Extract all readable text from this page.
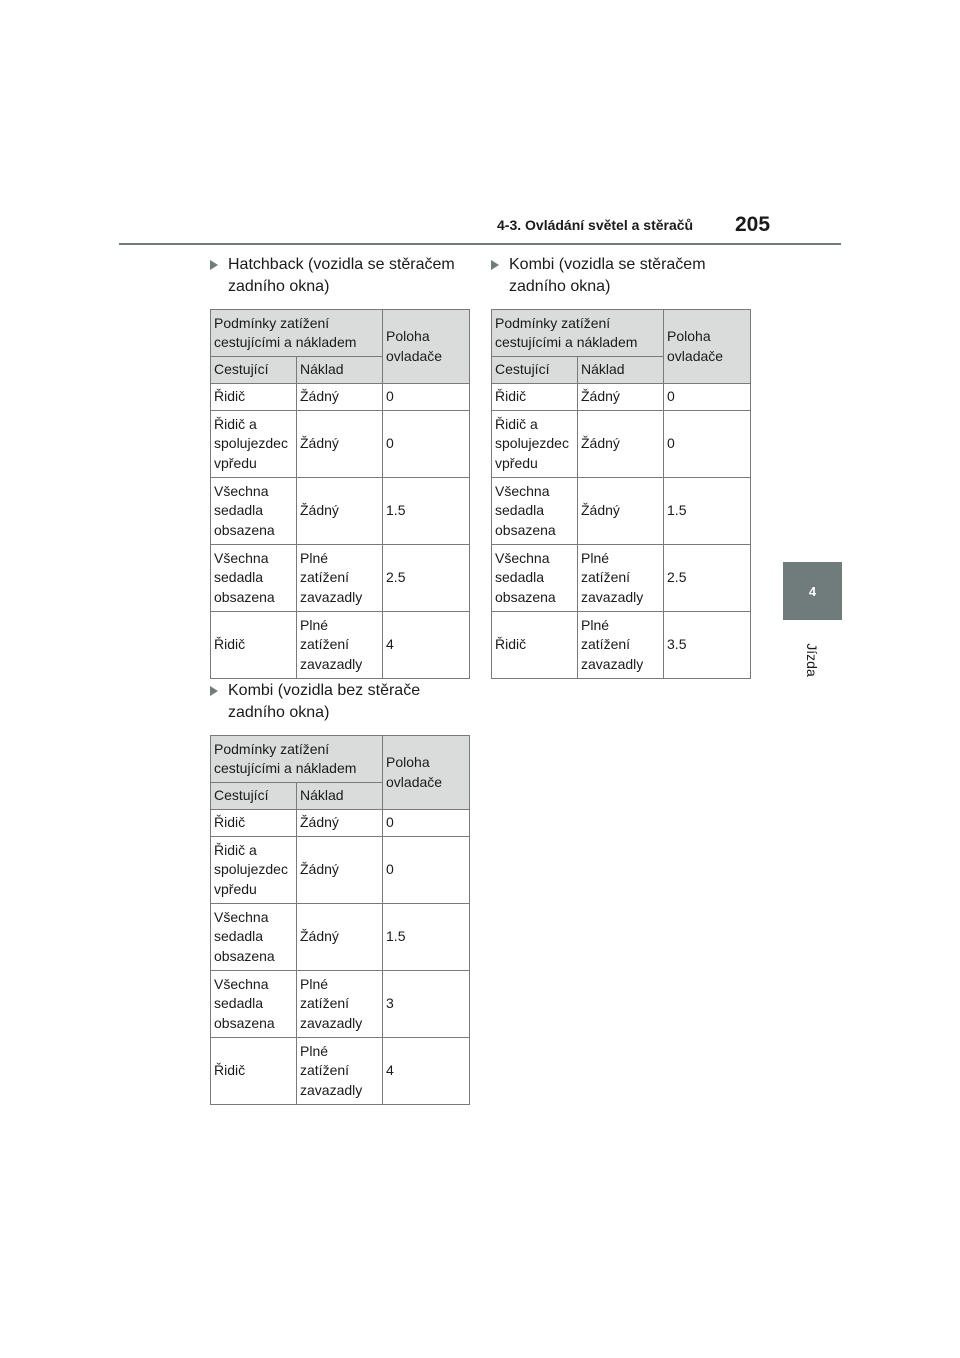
4-3. Ovládání světel a stěračů 205
4
Jízda
Hatchback (vozidla se stěračem zadního okna)
Podmínky zatížení cestujícími a nákladem		Poloha ovladače
Cestující	Náklad	
Řidič	Žádný	0
Řidič a spolujezdec vpředu	Žádný	0
Všechna sedadla obsazena	Žádný	1.5
Všechna sedadla obsazena	Plné zatížení zavazadly	2.5
Řidič	Plné zatížení zavazadly	4
Kombi (vozidla bez stěrače zadního okna)
Podmínky zatížení cestujícími a nákladem		Poloha ovladače
Cestující	Náklad	
Řidič	Žádný	0
Řidič a spolujezdec vpředu	Žádný	0
Všechna sedadla obsazena	Žádný	1.5
Všechna sedadla obsazena	Plné zatížení zavazadly	3
Řidič	Plné zatížení zavazadly	4
Kombi (vozidla se stěračem zadního okna)
Podmínky zatížení cestujícími a nákladem		Poloha ovladače
Cestující	Náklad	
Řidič	Žádný	0
Řidič a spolujezdec vpředu	Žádný	0
Všechna sedadla obsazena	Žádný	1.5
Všechna sedadla obsazena	Plné zatížení zavazadly	2.5
Řidič	Plné zatížení zavazadly	3.5
